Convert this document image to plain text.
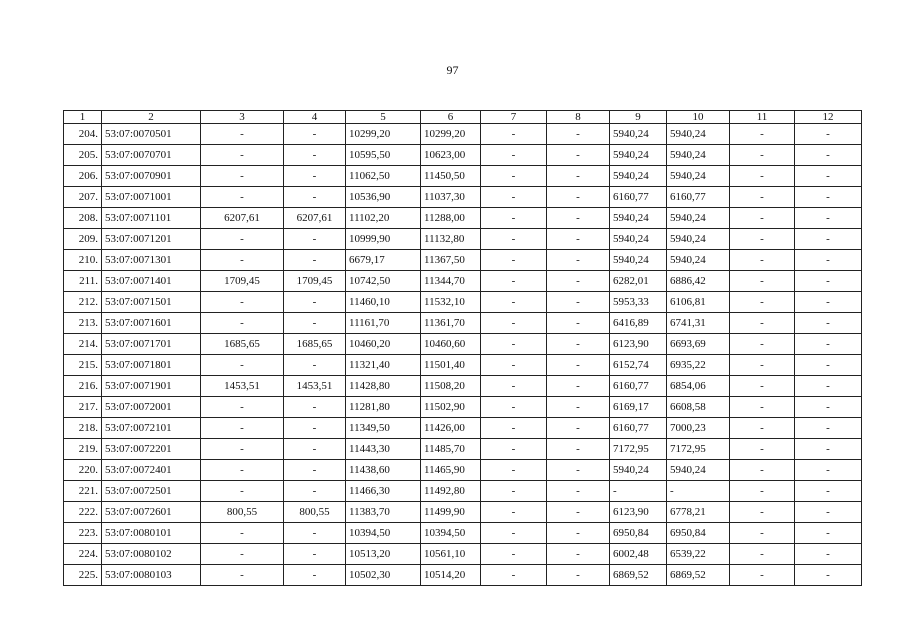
97
1	2	3	4	5	6	7	8	9	10	11	12
204.	53:07:0070501	-	-	10299,20	10299,20	-	-	5940,24	5940,24	-	-
205.	53:07:0070701	-	-	10595,50	10623,00	-	-	5940,24	5940,24	-	-
206.	53:07:0070901	-	-	11062,50	11450,50	-	-	5940,24	5940,24	-	-
207.	53:07:0071001	-	-	10536,90	11037,30	-	-	6160,77	6160,77	-	-
208.	53:07:0071101	6207,61	6207,61	11102,20	11288,00	-	-	5940,24	5940,24	-	-
209.	53:07:0071201	-	-	10999,90	11132,80	-	-	5940,24	5940,24	-	-
210.	53:07:0071301	-	-	6679,17	11367,50	-	-	5940,24	5940,24	-	-
211.	53:07:0071401	1709,45	1709,45	10742,50	11344,70	-	-	6282,01	6886,42	-	-
212.	53:07:0071501	-	-	11460,10	11532,10	-	-	5953,33	6106,81	-	-
213.	53:07:0071601	-	-	11161,70	11361,70	-	-	6416,89	6741,31	-	-
214.	53:07:0071701	1685,65	1685,65	10460,20	10460,60	-	-	6123,90	6693,69	-	-
215.	53:07:0071801	-	-	11321,40	11501,40	-	-	6152,74	6935,22	-	-
216.	53:07:0071901	1453,51	1453,51	11428,80	11508,20	-	-	6160,77	6854,06	-	-
217.	53:07:0072001	-	-	11281,80	11502,90	-	-	6169,17	6608,58	-	-
218.	53:07:0072101	-	-	11349,50	11426,00	-	-	6160,77	7000,23	-	-
219.	53:07:0072201	-	-	11443,30	11485,70	-	-	7172,95	7172,95	-	-
220.	53:07:0072401	-	-	11438,60	11465,90	-	-	5940,24	5940,24	-	-
221.	53:07:0072501	-	-	11466,30	11492,80	-	-	-	-	-	-
222.	53:07:0072601	800,55	800,55	11383,70	11499,90	-	-	6123,90	6778,21	-	-
223.	53:07:0080101	-	-	10394,50	10394,50	-	-	6950,84	6950,84	-	-
224.	53:07:0080102	-	-	10513,20	10561,10	-	-	6002,48	6539,22	-	-
225.	53:07:0080103	-	-	10502,30	10514,20	-	-	6869,52	6869,52	-	-
